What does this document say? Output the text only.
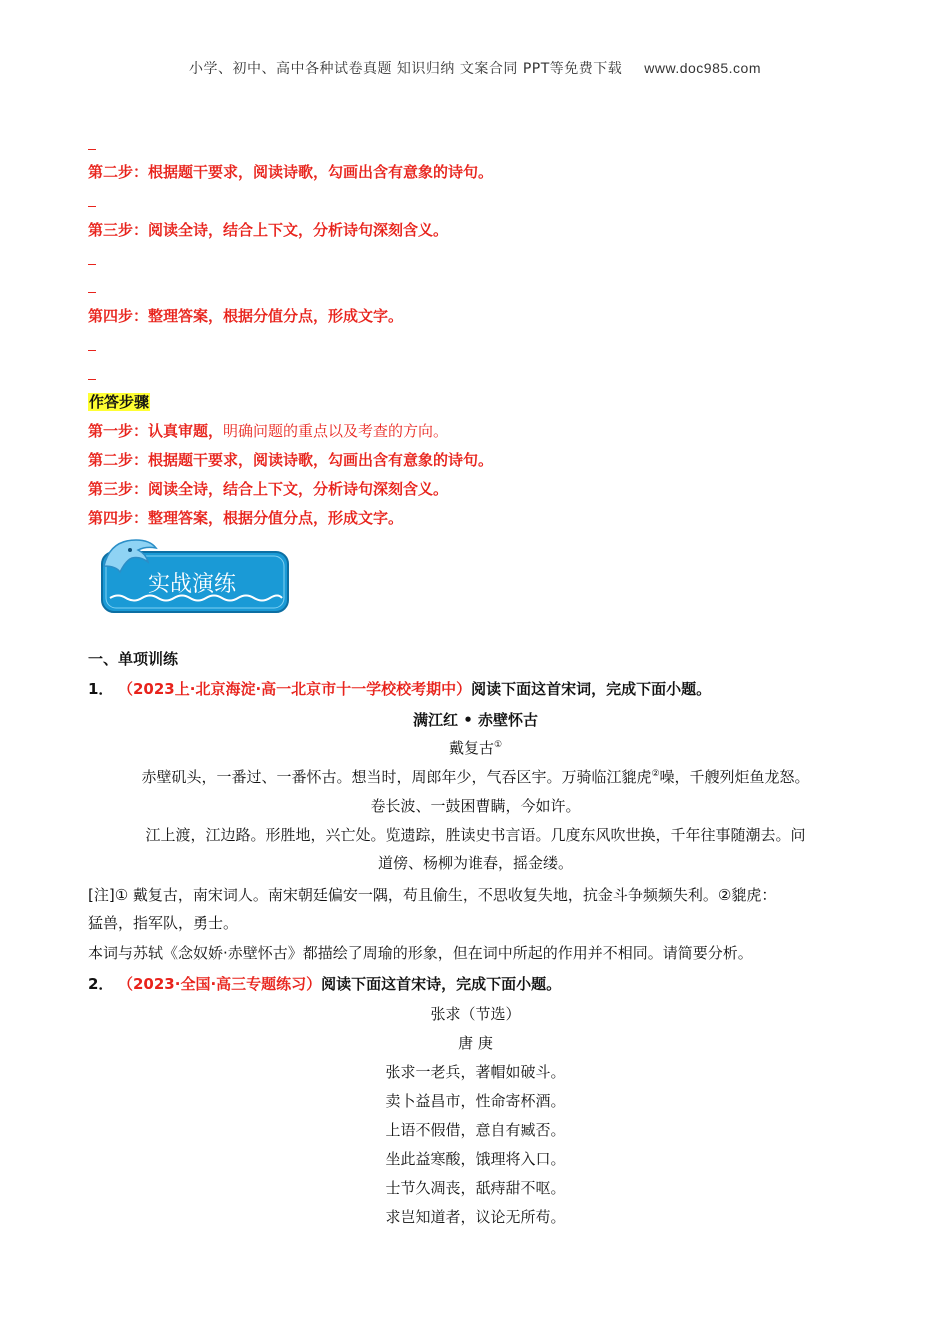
小学、初中、高中各种试卷真题 知识归纳 文案合同 PPT等免费下载 www.doc985.com
第二步：根据题干要求，阅读诗歌，勾画出含有意象的诗句。
第三步：阅读全诗，结合上下文，分析诗句深刻含义。
第四步：整理答案，根据分值分点，形成文字。
作答步骤
第一步：认真审题，明确问题的重点以及考查的方向。
第二步：根据题干要求，阅读诗歌，勾画出含有意象的诗句。
第三步：阅读全诗，结合上下文，分析诗句深刻含义。
第四步：整理答案，根据分值分点，形成文字。
实战演练
一、单项训练
1． （2023上·北京海淀·高一北京市十一学校校考期中）阅读下面这首宋词，完成下面小题。
满江红 • 赤壁怀古
戴复古①
赤壁矶头，一番过、一番怀古。想当时，周郎年少，气吞区宇。万骑临江貔虎②噪，千艘列炬鱼龙怒。
卷长波、一鼓困曹瞒，今如许。
江上渡，江边路。形胜地，兴亡处。览遗踪，胜读史书言语。几度东风吹世换，千年往事随潮去。问
道傍、杨柳为谁春，摇金缕。
[注]① 戴复古，南宋词人。南宋朝廷偏安一隅，苟且偷生，不思收复失地，抗金斗争频频失利。②貔虎：
猛兽，指军队，勇士。
本词与苏轼《念奴娇·赤壁怀古》都描绘了周瑜的形象，但在词中所起的作用并不相同。请简要分析。
2． （2023·全国·高三专题练习）阅读下面这首宋诗，完成下面小题。
张求（节选）
唐 庚
张求一老兵，著帽如破斗。
卖卜益昌市，性命寄杯酒。
上语不假借，意自有臧否。
坐此益寒酸，饿理将入口。
士节久凋丧，舐痔甜不呕。
求岂知道者，议论无所苟。
